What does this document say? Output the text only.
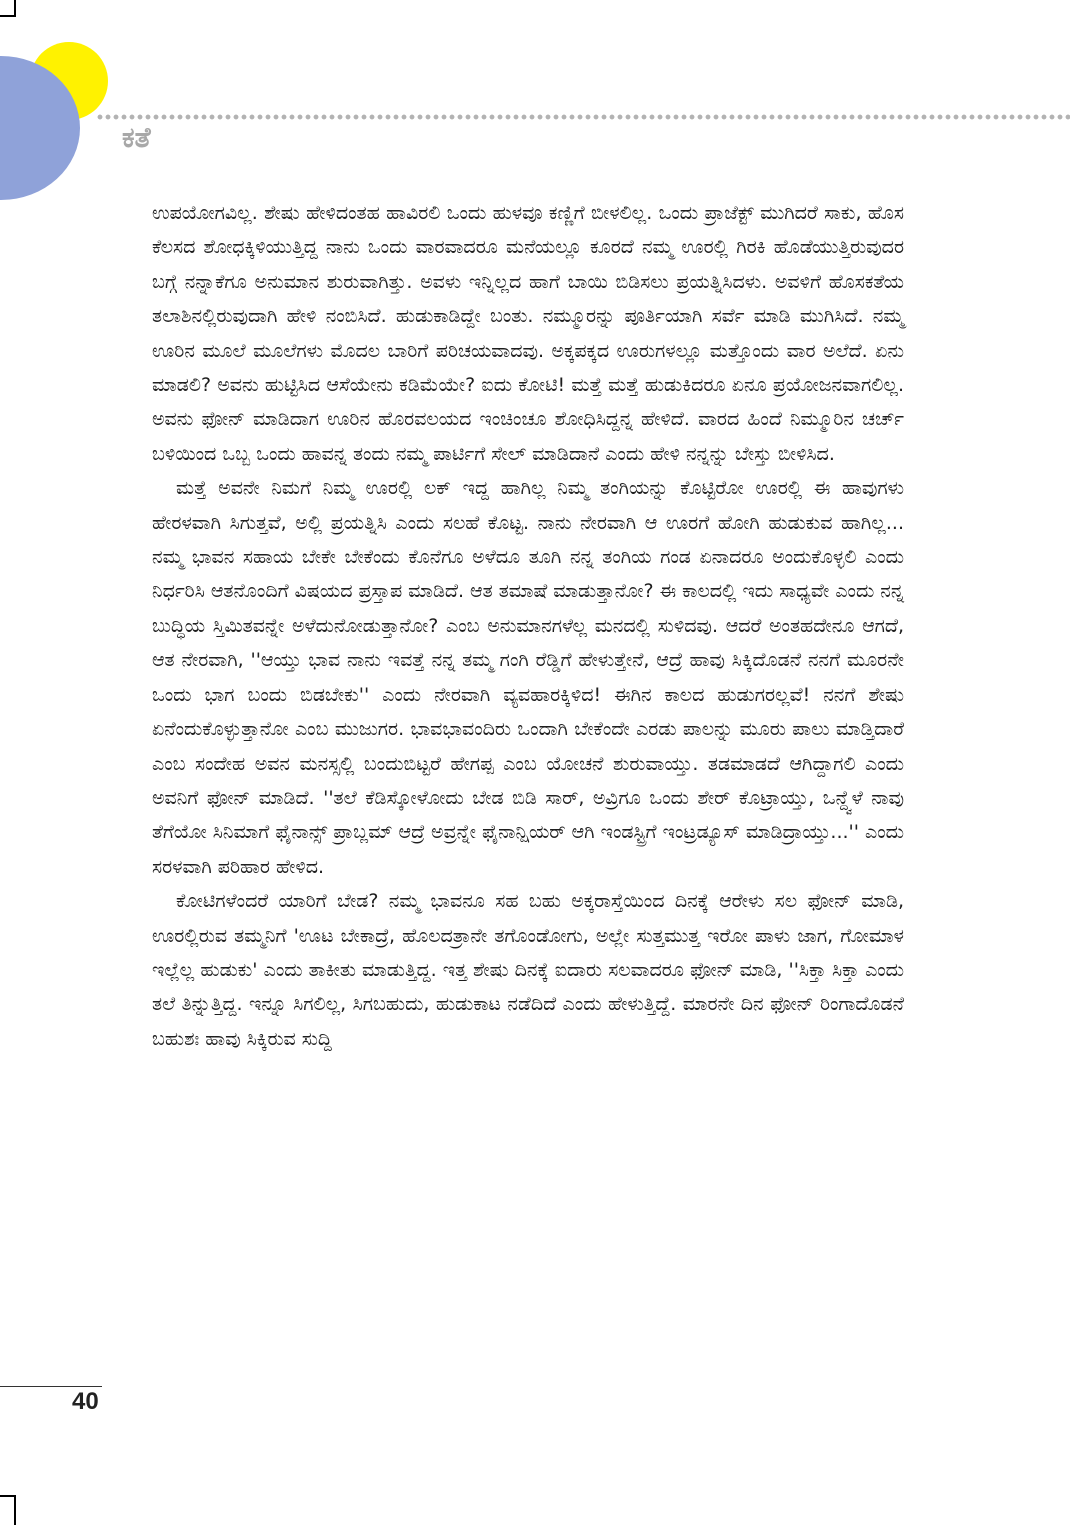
ಕತೆ

ಉಪಯೋಗವಿಲ್ಲ. ಶೇಷು ಹೇಳಿದಂತಹ ಹಾವಿರಲಿ ಒಂದು ಹುಳವೂ ಕಣ್ಣಿಗೆ ಬೀಳಲಿಲ್ಲ. ಒಂದು ಪ್ರಾಜೆಕ್ಟ್ ಮುಗಿದರೆ ಸಾಕು, ಹೊಸ ಕೆಲಸದ ಶೋಧಕ್ಕಿಳಿಯುತ್ತಿದ್ದ ನಾನು ಒಂದು ವಾರವಾದರೂ ಮನೆಯಲ್ಲೂ ಕೂರದೆ ನಮ್ಮ ಊರಲ್ಲಿ ಗಿರಕಿ ಹೊಡೆಯುತ್ತಿರುವುದರ ಬಗ್ಗೆ ನನ್ನಾಕೆಗೂ ಅನುಮಾನ ಶುರುವಾಗಿತ್ತು. ಅವಳು ಇನ್ನಿಲ್ಲದ ಹಾಗೆ ಬಾಯಿ ಬಿಡಿಸಲು ಪ್ರಯತ್ನಿಸಿದಳು. ಅವಳಿಗೆ ಹೊಸಕತೆಯ ತಲಾಶಿನಲ್ಲಿರುವುದಾಗಿ ಹೇಳಿ ನಂಬಿಸಿದೆ. ಹುಡುಕಾಡಿದ್ದೇ ಬಂತು. ನಮ್ಮೂರನ್ನು ಪೂರ್ತಿಯಾಗಿ ಸರ್ವೆ ಮಾಡಿ ಮುಗಿಸಿದೆ. ನಮ್ಮ ಊರಿನ ಮೂಲೆ ಮೂಲೆಗಳು ಮೊದಲ ಬಾರಿಗೆ ಪರಿಚಯವಾದವು. ಅಕ್ಕಪಕ್ಕದ ಊರುಗಳಲ್ಲೂ ಮತ್ತೊಂದು ವಾರ ಅಲೆದೆ. ಏನು ಮಾಡಲಿ? ಅವನು ಹುಟ್ಟಿಸಿದ ಆಸೆಯೇನು ಕಡಿಮೆಯೇ? ಐದು ಕೋಟಿ! ಮತ್ತೆ ಮತ್ತೆ ಹುಡುಕಿದರೂ ಏನೂ ಪ್ರಯೋಜನವಾಗಲಿಲ್ಲ. ಅವನು ಫೋನ್ ಮಾಡಿದಾಗ ಊರಿನ ಹೊರವಲಯದ ಇಂಚಿಂಚೂ ಶೋಧಿಸಿದ್ದನ್ನ ಹೇಳಿದೆ. ವಾರದ ಹಿಂದೆ ನಿಮ್ಮೂರಿನ ಚರ್ಚ್ ಬಳಿಯಿಂದ ಒಬ್ಬ ಒಂದು ಹಾವನ್ನ ತಂದು ನಮ್ಮ ಪಾರ್ಟಿಗೆ ಸೇಲ್ ಮಾಡಿದಾನೆ ಎಂದು ಹೇಳಿ ನನ್ನನ್ನು ಬೇಸ್ತು ಬೀಳಿಸಿದ.

ಮತ್ತೆ ಅವನೇ ನಿಮಗೆ ನಿಮ್ಮ ಊರಲ್ಲಿ ಲಕ್ ಇದ್ದ ಹಾಗಿಲ್ಲ ನಿಮ್ಮ ತಂಗಿಯನ್ನು ಕೊಟ್ಟಿರೋ ಊರಲ್ಲಿ ಈ ಹಾವುಗಳು ಹೇರಳವಾಗಿ ಸಿಗುತ್ತವೆ, ಅಲ್ಲಿ ಪ್ರಯತ್ನಿಸಿ ಎಂದು ಸಲಹೆ ಕೊಟ್ಟ. ನಾನು ನೇರವಾಗಿ ಆ ಊರಗೆ ಹೋಗಿ ಹುಡುಕುವ ಹಾಗಿಲ್ಲ... ನಮ್ಮ ಭಾವನ ಸಹಾಯ ಬೇಕೇ ಬೇಕೆಂದು ಕೊನೆಗೂ ಅಳೆದೂ ತೂಗಿ ನನ್ನ ತಂಗಿಯ ಗಂಡ ಏನಾದರೂ ಅಂದುಕೊಳ್ಳಲಿ ಎಂದು ನಿರ್ಧರಿಸಿ ಆತನೊಂದಿಗೆ ವಿಷಯದ ಪ್ರಸ್ತಾಪ ಮಾಡಿದೆ. ಆತ ತಮಾಷೆ ಮಾಡುತ್ತಾನೋ? ಈ ಕಾಲದಲ್ಲಿ ಇದು ಸಾಧ್ಯವೇ ಎಂದು ನನ್ನ ಬುದ್ಧಿಯ ಸ್ತಿಮಿತವನ್ನೇ ಅಳೆದುನೋಡುತ್ತಾನೋ? ಎಂಬ ಅನುಮಾನಗಳೆಲ್ಲ ಮನದಲ್ಲಿ ಸುಳಿದವು. ಆದರೆ ಅಂತಹದೇನೂ ಆಗದೆ, ಆತ ನೇರವಾಗಿ, ''ಆಯ್ತು ಭಾವ ನಾನು ಇವತ್ತೆ ನನ್ನ ತಮ್ಮ ಗಂಗಿ ರೆಡ್ಡಿಗೆ ಹೇಳುತ್ತೇನೆ, ಆದ್ರೆ ಹಾವು ಸಿಕ್ಕಿದೊಡನೆ ನನಗೆ ಮೂರನೇ ಒಂದು ಭಾಗ ಬಂದು ಬಿಡಬೇಕು'' ಎಂದು ನೇರವಾಗಿ ವ್ಯವಹಾರಕ್ಕಿಳಿದ! ಈಗಿನ ಕಾಲದ ಹುಡುಗರಲ್ಲವೆ! ನನಗೆ ಶೇಷು ಏನೆಂದುಕೊಳ್ಳುತ್ತಾನೋ ಎಂಬ ಮುಜುಗರ. ಭಾವಭಾವಂದಿರು ಒಂದಾಗಿ ಬೇಕೆಂದೇ ಎರಡು ಪಾಲನ್ನು ಮೂರು ಪಾಲು ಮಾಡ್ತಿದಾರೆ ಎಂಬ ಸಂದೇಹ ಅವನ ಮನಸ್ಸಲ್ಲಿ ಬಂದುಬಿಟ್ಟರೆ ಹೇಗಪ್ಪ ಎಂಬ ಯೋಚನೆ ಶುರುವಾಯ್ತು. ತಡಮಾಡದೆ ಆಗಿದ್ದಾಗಲಿ ಎಂದು ಅವನಿಗೆ ಫೋನ್ ಮಾಡಿದೆ. ''ತಲೆ ಕೆಡಿಸ್ಕೋಳೋದು ಬೇಡ ಬಿಡಿ ಸಾರ್, ಅವ್ರಿಗೂ ಒಂದು ಶೇರ್ ಕೊಟ್ರಾಯ್ತು, ಒನ್ದ್ವೆಳೆ ನಾವು ತೆಗೆಯೋ ಸಿನಿಮಾಗೆ ಫೈನಾನ್ಸ್ ಪ್ರಾಬ್ಲಮ್ ಆದ್ರೆ ಅವ್ರನ್ನೇ ಫೈನಾನ್ಷಿಯರ್ ಆಗಿ ಇಂಡಸ್ಟ್ರಿಗೆ ಇಂಟ್ರಡ್ಯೂಸ್ ಮಾಡಿದ್ರಾಯ್ತು...'' ಎಂದು ಸರಳವಾಗಿ ಪರಿಹಾರ ಹೇಳಿದ.

ಕೋಟಿಗಳೆಂದರೆ ಯಾರಿಗೆ ಬೇಡ? ನಮ್ಮ ಭಾವನೂ ಸಹ ಬಹು ಅಕ್ಕರಾಸ್ತೆಯಿಂದ ದಿನಕ್ಕೆ ಆರೇಳು ಸಲ ಫೋನ್ ಮಾಡಿ, ಊರಲ್ಲಿರುವ ತಮ್ಮನಿಗೆ 'ಊಟ ಬೇಕಾದ್ರೆ, ಹೊಲದತ್ರಾನೇ ತಗೊಂಡೋಗು, ಅಲ್ಲೇ ಸುತ್ತಮುತ್ತ ಇರೋ ಪಾಳು ಜಾಗ, ಗೋಮಾಳ ಇಲ್ಲೆಲ್ಲ ಹುಡುಕು' ಎಂದು ತಾಕೀತು ಮಾಡುತ್ತಿದ್ದ. ಇತ್ತ ಶೇಷು ದಿನಕ್ಕೆ ಐದಾರು ಸಲವಾದರೂ ಫೋನ್ ಮಾಡಿ, ''ಸಿಕ್ತಾ ಸಿಕ್ತಾ ಎಂದು ತಲೆ ತಿನ್ನುತ್ತಿದ್ದ. ಇನ್ನೂ ಸಿಗಲಿಲ್ಲ, ಸಿಗಬಹುದು, ಹುಡುಕಾಟ ನಡೆದಿದೆ ಎಂದು ಹೇಳುತ್ತಿದ್ದೆ. ಮಾರನೇ ದಿನ ಫೋನ್ ರಿಂಗಾದೊಡನೆ ಬಹುಶಃ ಹಾವು ಸಿಕ್ಕಿರುವ ಸುದ್ದಿ

40
